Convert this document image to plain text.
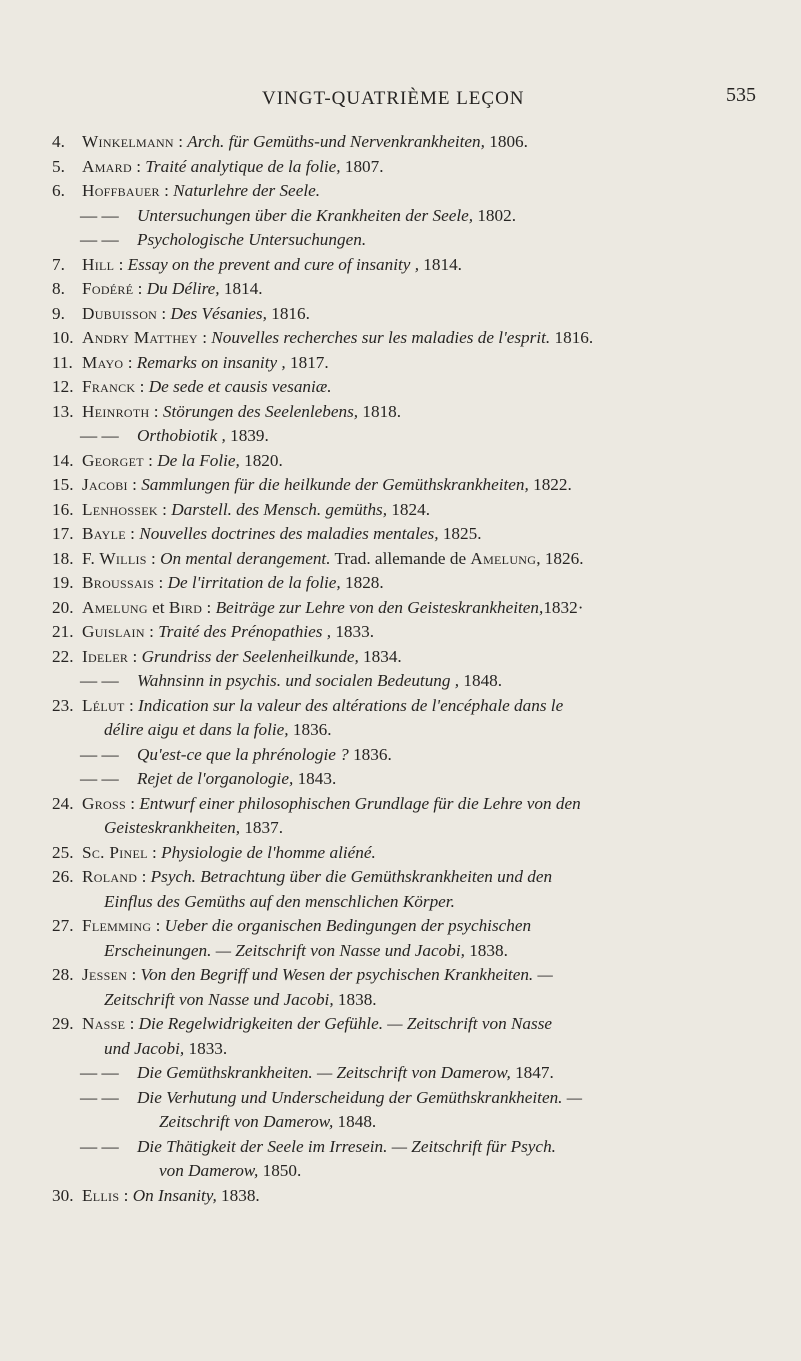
VINGT-QUATRIÈME LEÇON	535
4. Winkelmann : Arch. für Gemüths-und Nervenkrankheiten, 1806.
5. Amard : Traité analytique de la folie, 1807.
6. Hoffbauer : Naturlehre der Seele.
— —	Untersuchungen über die Krankheiten der Seele, 1802.
— —	Psychologische Untersuchungen.
7. Hill : Essay on the prevent and cure of insanity , 1814.
8. Fodéré : Du Délire, 1814.
9. Dubuisson : Des Vésanies, 1816.
10. Andry Matthey : Nouvelles recherches sur les maladies de l'esprit. 1816.
11. Mayo : Remarks on insanity , 1817.
12. Franck : De sede et causis vesaniæ.
13. Heinroth : Störungen des Seelenlebens, 1818.
— —	Orthobiotik , 1839.
14. Georget : De la Folie, 1820.
15. Jacobi : Sammlungen für die heilkunde der Gemüthskrankheiten, 1822.
16. Lenhossek : Darstell. des Mensch. gemüths, 1824.
17. Bayle : Nouvelles doctrines des maladies mentales, 1825.
18. F. Willis : On mental derangement. Trad. allemande de Amelung, 1826.
19. Broussais : De l'irritation de la folie, 1828.
20. Amelung et Bird : Beiträge zur Lehre von den Geisteskrankheiten,1832·
21. Guislain : Traité des Prénopathies , 1833.
22. Ideler : Grundriss der Seelenheilkunde, 1834.
— —	Wahnsinn in psychis. und socialen Bedeutung , 1848.
23. Lélut : Indication sur la valeur des altérations de l'encéphale dans le
délire aigu et dans la folie, 1836.
— —	Qu'est-ce que la phrénologie ? 1836.
— —	Rejet de l'organologie, 1843.
24. Gross : Entwurf einer philosophischen Grundlage für die Lehre von den
Geisteskrankheiten, 1837.
25. Sc. Pinel : Physiologie de l'homme aliéné.
26. Roland : Psych. Betrachtung über die Gemüthskrankheiten und den
Einflus des Gemüths auf den menschlichen Körper.
27. Flemming : Ueber die organischen Bedingungen der psychischen
Erscheinungen. — Zeitschrift von Nasse und Jacobi, 1838.
28. Jessen : Von den Begriff und Wesen der psychischen Krankheiten. —
Zeitschrift von Nasse und Jacobi, 1838.
29. Nasse : Die Regelwidrigkeiten der Gefühle. — Zeitschrift von Nasse
und Jacobi, 1833.
— —	Die Gemüthskrankheiten. — Zeitschrift von Damerow, 1847.
— —	Die Verhutung und Underscheidung der Gemüthskrankheiten. —
Zeitschrift von Damerow, 1848.
— —	Die Thätigkeit der Seele im Irresein. — Zeitschrift für Psych.
von Damerow, 1850.
30. Ellis : On Insanity, 1838.
